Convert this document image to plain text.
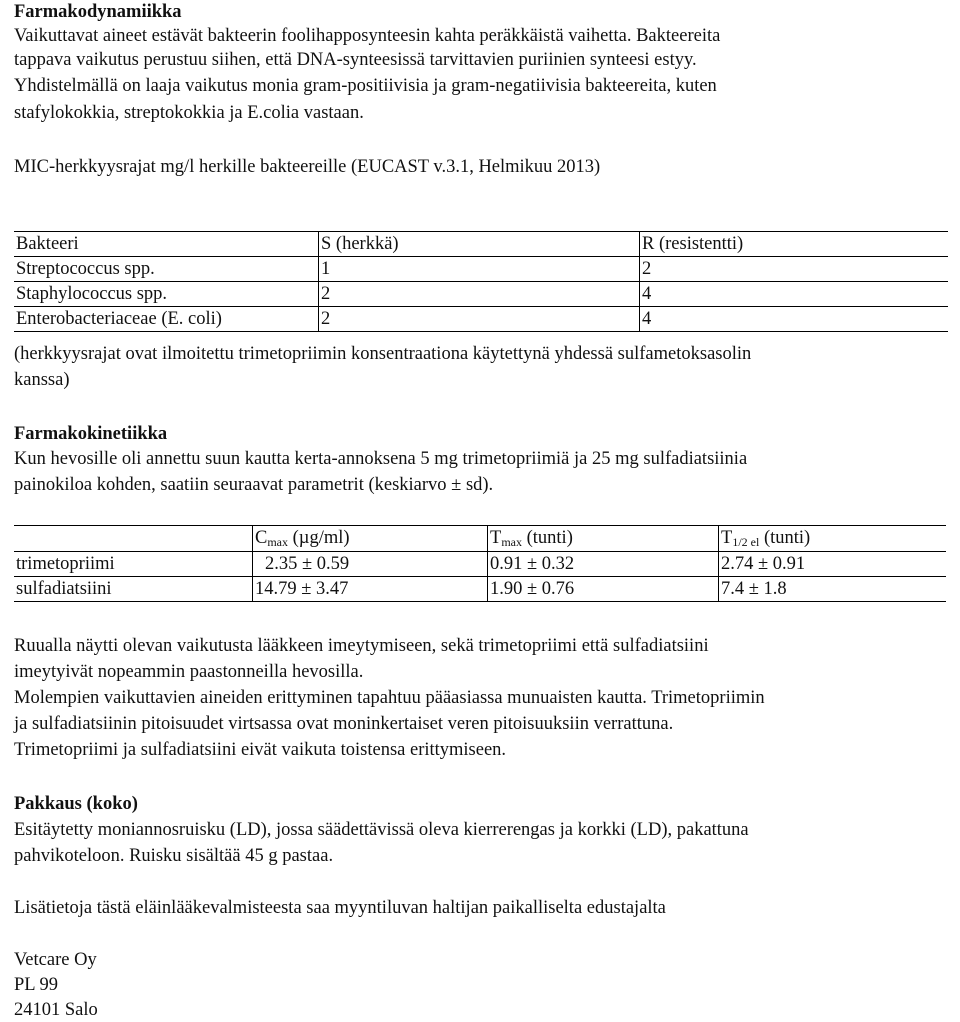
Farmakodynamiikka
Vaikuttavat aineet estävät bakteerin foolihapposynteesin kahta peräkkäistä vaihetta. Bakteereita
tappava vaikutus perustuu siihen, että DNA-synteesissä tarvittavien puriinien synteesi estyy.
Yhdistelmällä on laaja vaikutus monia gram-positiivisia ja gram-negatiivisia bakteereita, kuten
stafylokokkia, streptokokkia ja E.colia vastaan.
MIC-herkkyysrajat mg/l herkille bakteereille (EUCAST v.3.1, Helmikuu 2013)
Bakteeri	S (herkkä)	R (resistentti)
Streptococcus spp.	1	2
Staphylococcus spp.	2	4
Enterobacteriaceae (E. coli)	2	4
(herkkyysrajat ovat ilmoitettu trimetopriimin konsentraationa käytettynä yhdessä sulfametoksasolin
kanssa)
Farmakokinetiikka
Kun hevosille oli annettu suun kautta kerta-annoksena 5 mg trimetopriimiä ja 25 mg sulfadiatsiinia
painokiloa kohden, saatiin seuraavat parametrit (keskiarvo ± sd).
	Cmax (µg/ml)	Tmax (tunti)	T1/2 el (tunti)
trimetopriimi	2.35 ± 0.59	0.91 ± 0.32	2.74 ± 0.91
sulfadiatsiini	14.79 ± 3.47	1.90 ± 0.76	7.4 ± 1.8
Ruualla näytti olevan vaikutusta lääkkeen imeytymiseen, sekä trimetopriimi että sulfadiatsiini
imeytyivät nopeammin paastonneilla hevosilla.
Molempien vaikuttavien aineiden erittyminen tapahtuu pääasiassa munuaisten kautta. Trimetopriimin
ja sulfadiatsiinin pitoisuudet virtsassa ovat moninkertaiset veren pitoisuuksiin verrattuna.
Trimetopriimi ja sulfadiatsiini eivät vaikuta toistensa erittymiseen.
Pakkaus (koko)
Esitäytetty moniannosruisku (LD), jossa säädettävissä oleva kierrerengas ja korkki (LD), pakattuna
pahvikoteloon. Ruisku sisältää 45 g pastaa.
Lisätietoja tästä eläinlääkevalmisteesta saa myyntiluvan haltijan paikalliselta edustajalta
Vetcare Oy
PL 99
24101 Salo
